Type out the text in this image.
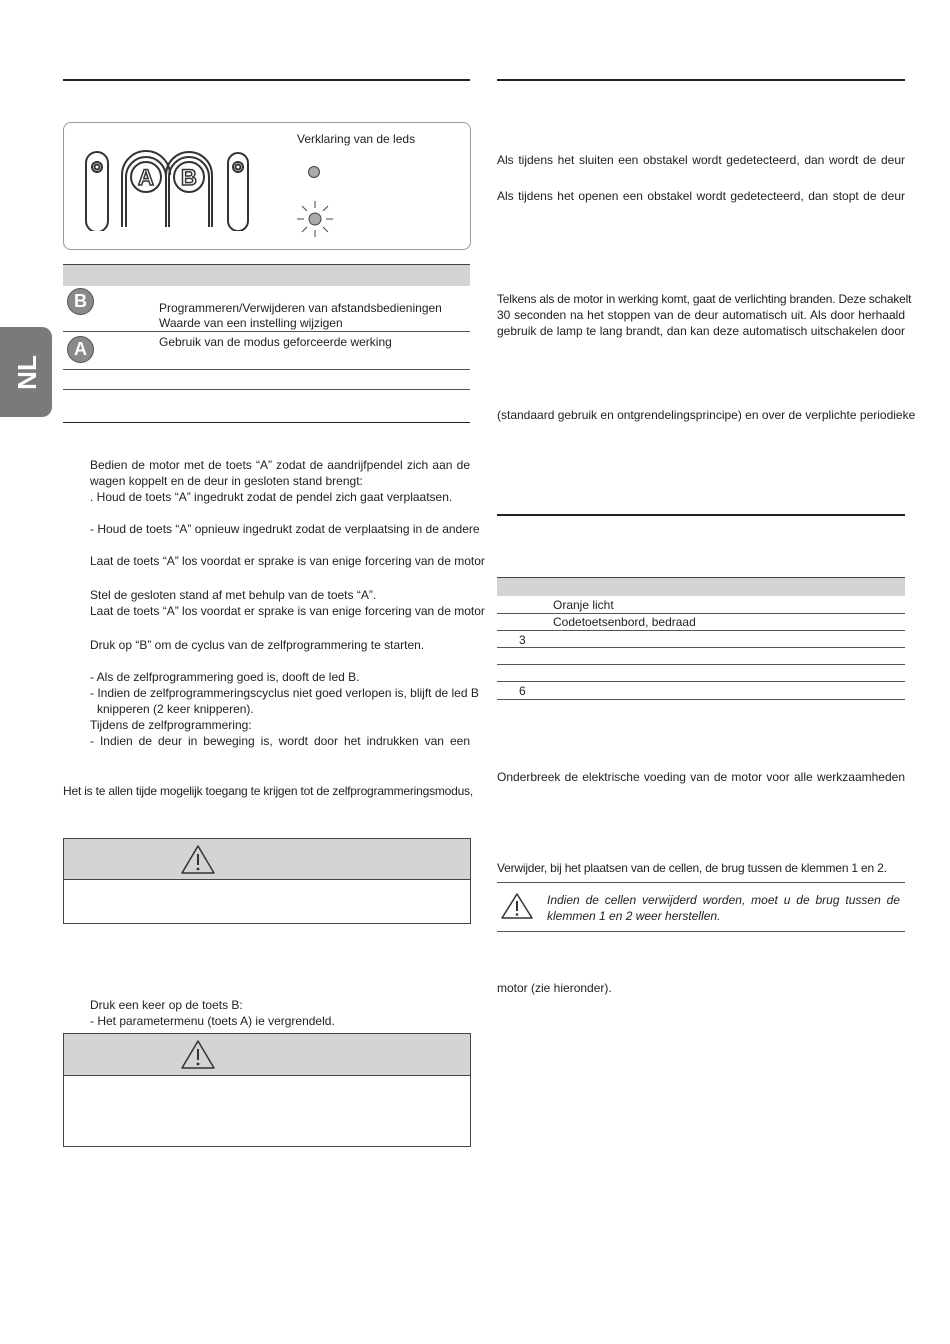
NL
A B
Verklaring van de leds
B	Programmeren/Verwijderen van afstandsbedieningen
Waarde van een instelling wijzigen
A	Gebruik van de modus geforceerde werking
Bedien de motor met de toets “A” zodat de aandrijfpendel zich aan de
wagen koppelt en de deur in gesloten stand brengt:
. Houd de toets “A” ingedrukt zodat de pendel zich gaat verplaatsen.
- Houd de toets “A” opnieuw ingedrukt zodat de verplaatsing in de andere
Laat de toets “A” los voordat er sprake is van enige forcering van de motor
Stel de gesloten stand af met behulp van de toets “A”.
Laat de toets “A” los voordat er sprake is van enige forcering van de motor
Druk op “B” om de cyclus van de zelfprogrammering te starten.
- Als de zelfprogrammering goed is, dooft de led B.
- Indien de zelfprogrammeringscyclus niet goed verlopen is, blijft de led B
knipperen (2 keer knipperen).
Tijdens de zelfprogrammering:
- Indien de deur in beweging is, wordt door het indrukken van een
Het is te allen tijde mogelijk toegang te krijgen tot de zelfprogrammeringsmodus,
Druk een keer op de toets B:
- Het parametermenu (toets A) ie vergrendeld.
Als tijdens het sluiten een obstakel wordt gedetecteerd, dan wordt de deur
Als tijdens het openen een obstakel wordt gedetecteerd, dan stopt de deur
Telkens als de motor in werking komt, gaat de verlichting branden. Deze schakelt
30 seconden na het stoppen van de deur automatisch uit. Als door herhaald
gebruik de lamp te lang brandt, dan kan deze automatisch uitschakelen door
(standaard gebruik en ontgrendelingsprincipe) en over de verplichte periodieke
Oranje licht
Codetoetsenbord, bedraad
3
6
Onderbreek de elektrische voeding van de motor voor alle werkzaamheden
Verwijder, bij het plaatsen van de cellen, de brug tussen de klemmen 1 en 2.
Indien de cellen verwijderd worden, moet u de brug tussen de
klemmen 1 en 2 weer herstellen.
motor (zie hieronder).
